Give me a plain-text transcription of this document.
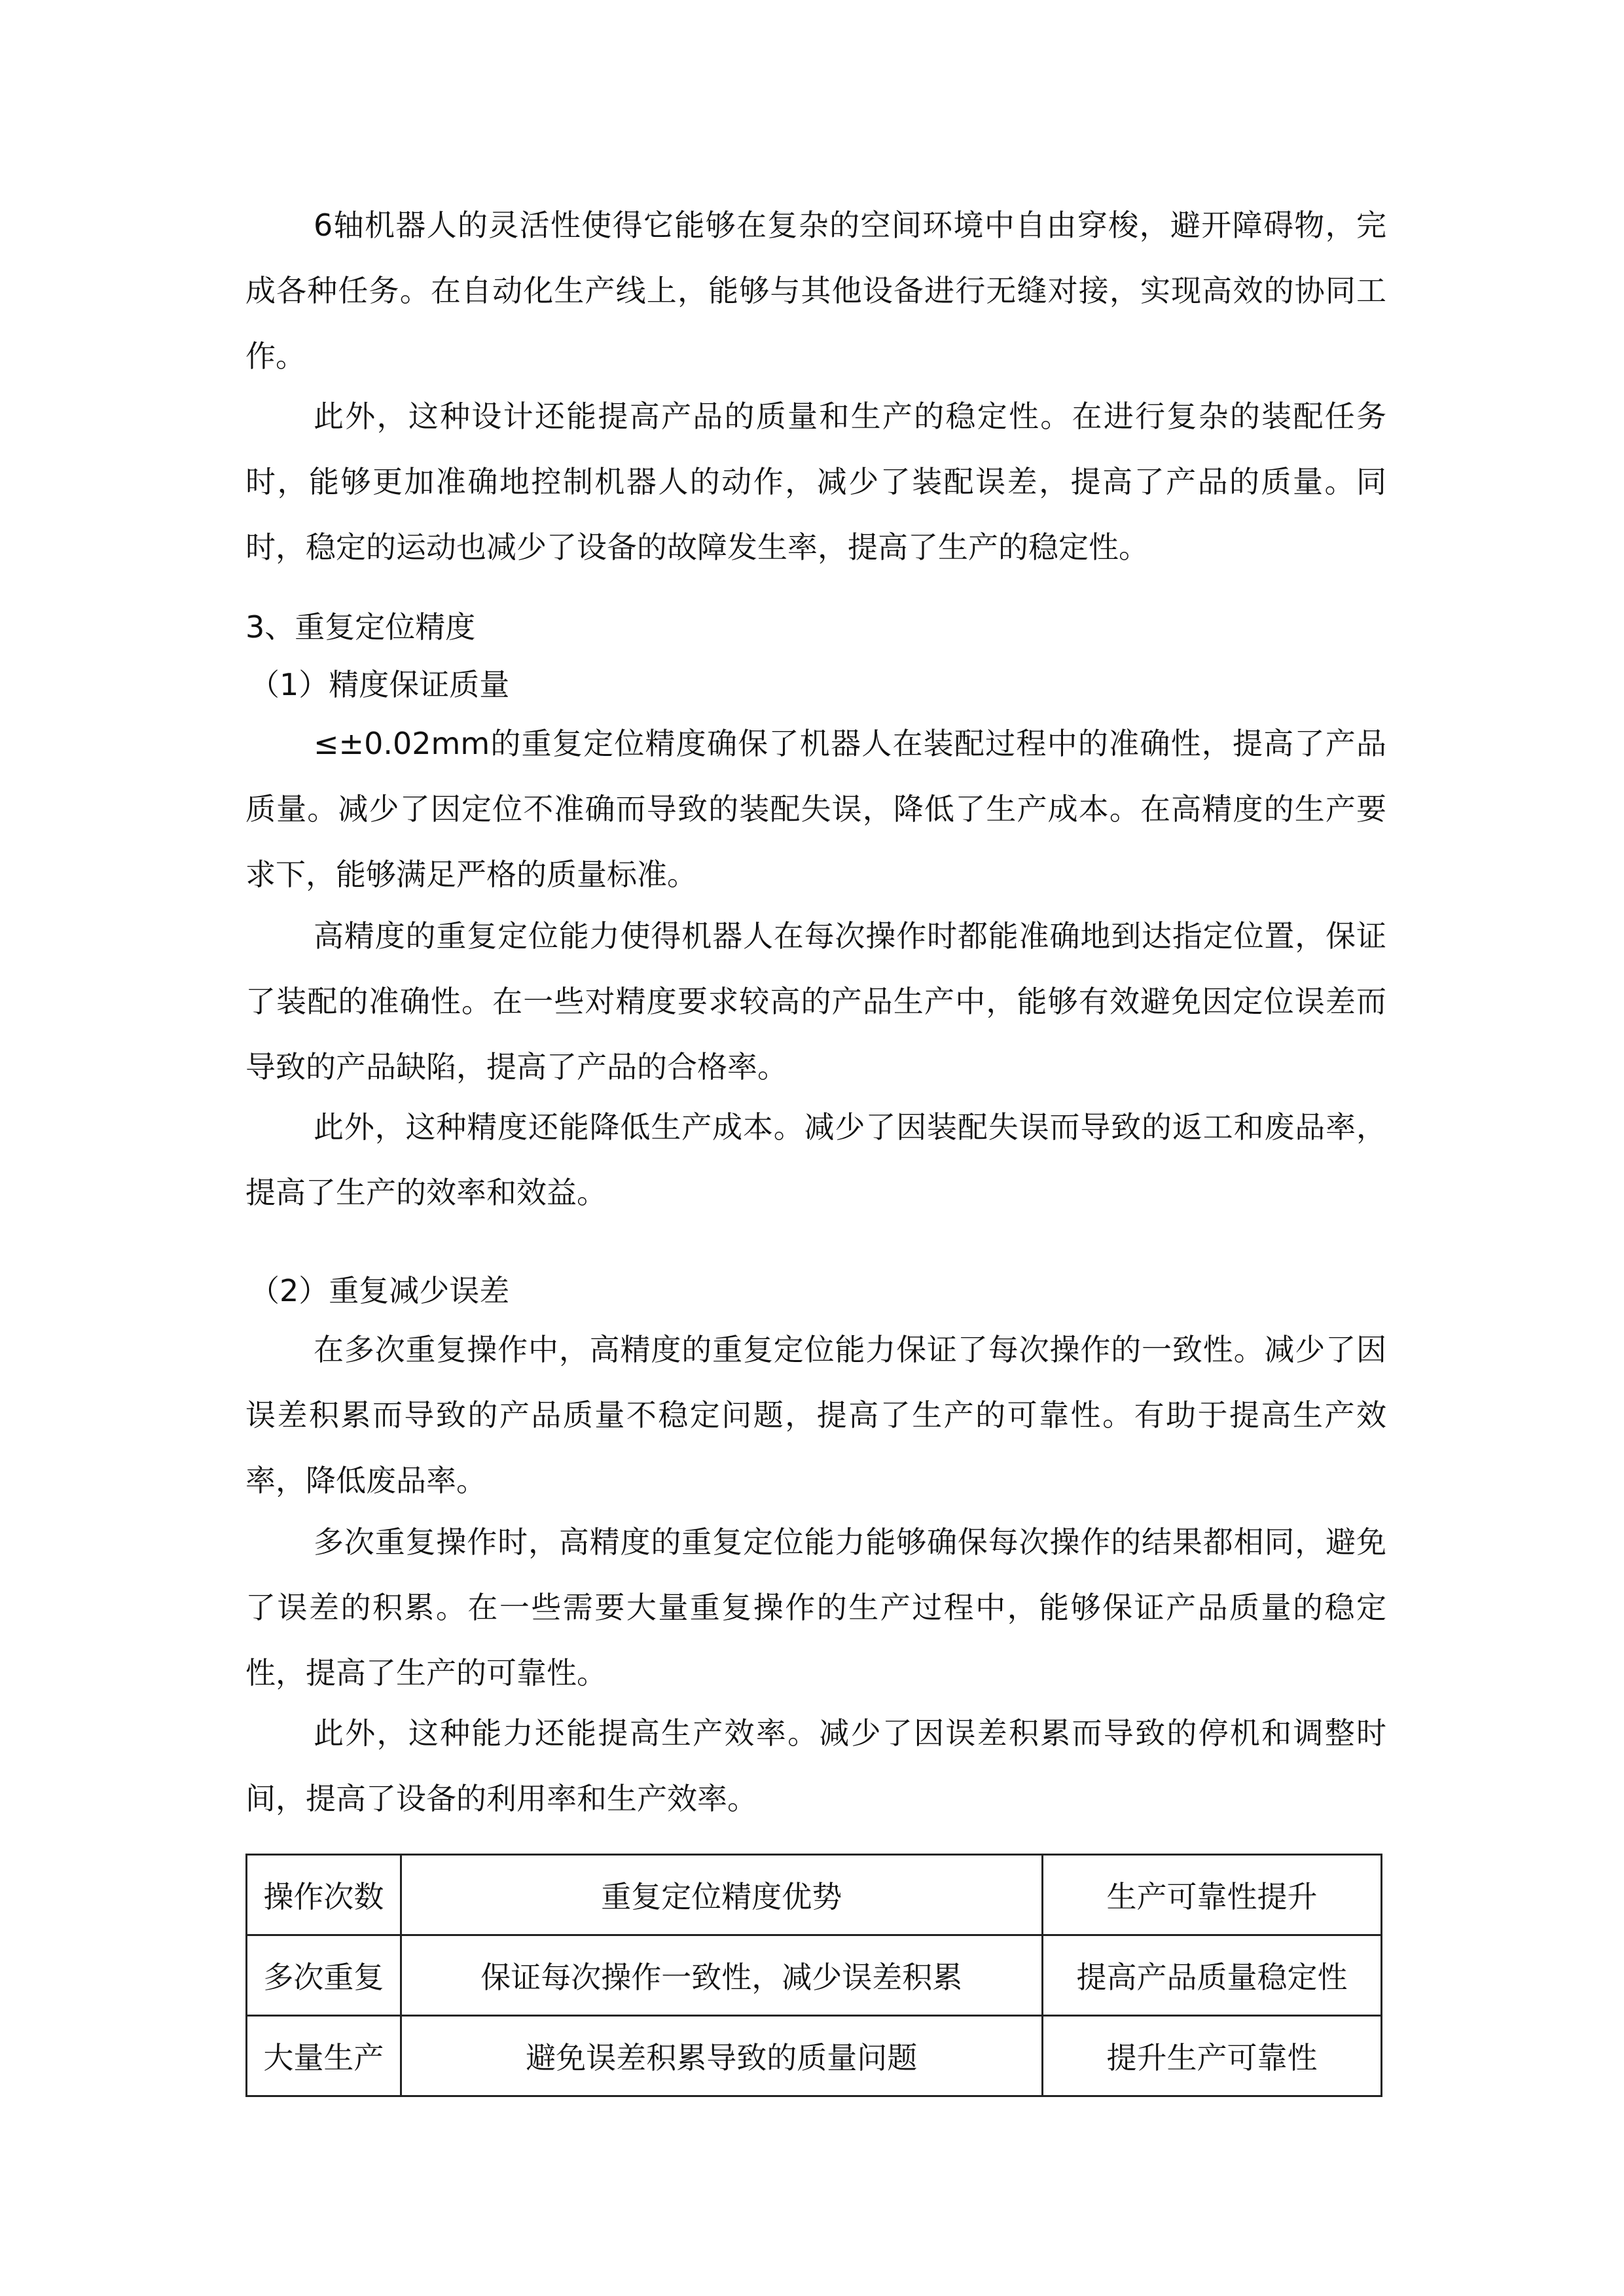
6轴机器人的灵活性使得它能够在复杂的空间环境中自由穿梭，避开障碍物，完成各种任务。在自动化生产线上，能够与其他设备进行无缝对接，实现高效的协同工作。

此外，这种设计还能提高产品的质量和生产的稳定性。在进行复杂的装配任务时，能够更加准确地控制机器人的动作，减少了装配误差，提高了产品的质量。同时，稳定的运动也减少了设备的故障发生率，提高了生产的稳定性。

3、重复定位精度

（1）精度保证质量

≤±0.02mm的重复定位精度确保了机器人在装配过程中的准确性，提高了产品质量。减少了因定位不准确而导致的装配失误，降低了生产成本。在高精度的生产要求下，能够满足严格的质量标准。

高精度的重复定位能力使得机器人在每次操作时都能准确地到达指定位置，保证了装配的准确性。在一些对精度要求较高的产品生产中，能够有效避免因定位误差而导致的产品缺陷，提高了产品的合格率。

此外，这种精度还能降低生产成本。减少了因装配失误而导致的返工和废品率，提高了生产的效率和效益。

（2）重复减少误差

在多次重复操作中，高精度的重复定位能力保证了每次操作的一致性。减少了因误差积累而导致的产品质量不稳定问题，提高了生产的可靠性。有助于提高生产效率，降低废品率。

多次重复操作时，高精度的重复定位能力能够确保每次操作的结果都相同，避免了误差的积累。在一些需要大量重复操作的生产过程中，能够保证产品质量的稳定性，提高了生产的可靠性。

此外，这种能力还能提高生产效率。减少了因误差积累而导致的停机和调整时间，提高了设备的利用率和生产效率。

操作次数	重复定位精度优势	生产可靠性提升
多次重复	保证每次操作一致性，减少误差积累	提高产品质量稳定性
大量生产	避免误差积累导致的质量问题	提升生产可靠性
